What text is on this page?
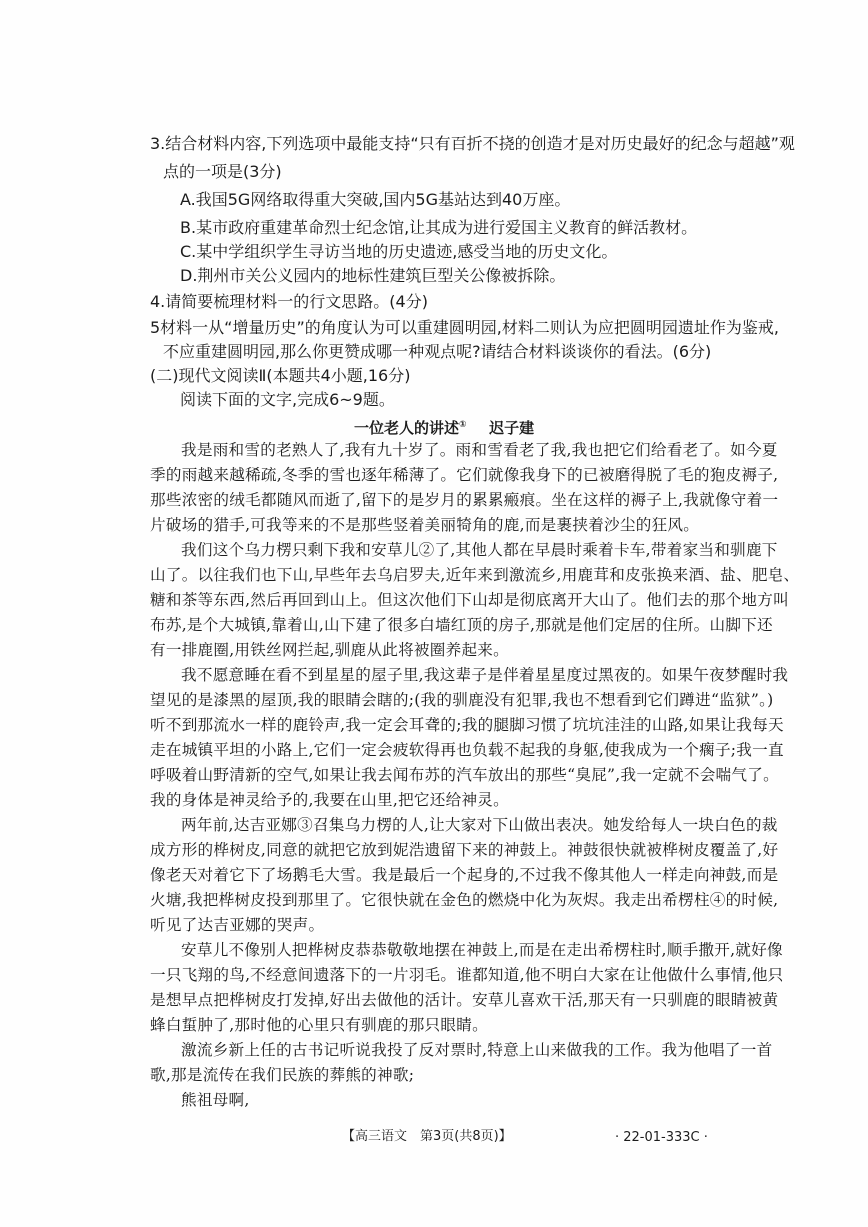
3.结合材料内容,下列选项中最能支持“只有百折不挠的创造才是对历史最好的纪念与超越”观
点的一项是(3分)
A.我国5G网络取得重大突破,国内5G基站达到40万座。
B.某市政府重建革命烈士纪念馆,让其成为进行爱国主义教育的鲜活教材。
C.某中学组织学生寻访当地的历史遗迹,感受当地的历史文化。
D.荆州市关公义园内的地标性建筑巨型关公像被拆除。
4.请简要梳理材料一的行文思路。(4分)
5材料一从“增量历史”的角度认为可以重建圆明园,材料二则认为应把圆明园遗址作为鉴戒,
不应重建圆明园,那么你更赞成哪一种观点呢?请结合材料谈谈你的看法。(6分)
(二)现代文阅读Ⅱ(本题共4小题,16分)
阅读下面的文字,完成6~9题。
一位老人的讲述① 迟子建
我是雨和雪的老熟人了,我有九十岁了。雨和雪看老了我,我也把它们给看老了。如今夏
季的雨越来越稀疏,冬季的雪也逐年稀薄了。它们就像我身下的已被磨得脱了毛的狍皮褥子,
那些浓密的绒毛都随风而逝了,留下的是岁月的累累瘢痕。坐在这样的褥子上,我就像守着一
片破场的猎手,可我等来的不是那些竖着美丽犄角的鹿,而是裹挟着沙尘的狂风。
我们这个乌力楞只剩下我和安草儿②了,其他人都在早晨时乘着卡车,带着家当和驯鹿下
山了。以往我们也下山,早些年去乌启罗夫,近年来到激流乡,用鹿茸和皮张换来酒、盐、肥皂、
糖和茶等东西,然后再回到山上。但这次他们下山却是彻底离开大山了。他们去的那个地方叫
布苏,是个大城镇,靠着山,山下建了很多白墙红顶的房子,那就是他们定居的住所。山脚下还
有一排鹿圈,用铁丝网拦起,驯鹿从此将被圈养起来。
我不愿意睡在看不到星星的屋子里,我这辈子是伴着星星度过黑夜的。如果午夜梦醒时我
望见的是漆黑的屋顶,我的眼睛会瞎的;(我的驯鹿没有犯罪,我也不想看到它们蹲进“监狱”。)
听不到那流水一样的鹿铃声,我一定会耳聋的;我的腿脚习惯了坑坑洼洼的山路,如果让我每天
走在城镇平坦的小路上,它们一定会疲软得再也负载不起我的身躯,使我成为一个瘸子;我一直
呼吸着山野清新的空气,如果让我去闻布苏的汽车放出的那些“臭屁”,我一定就不会喘气了。
我的身体是神灵给予的,我要在山里,把它还给神灵。
两年前,达吉亚娜③召集乌力楞的人,让大家对下山做出表决。她发给每人一块白色的裁
成方形的桦树皮,同意的就把它放到妮浩遗留下来的神鼓上。神鼓很快就被桦树皮覆盖了,好
像老天对着它下了场鹅毛大雪。我是最后一个起身的,不过我不像其他人一样走向神鼓,而是
火塘,我把桦树皮投到那里了。它很快就在金色的燃烧中化为灰烬。我走出希楞柱④的时候,
听见了达吉亚娜的哭声。
安草儿不像别人把桦树皮恭恭敬敬地摆在神鼓上,而是在走出希楞柱时,顺手撒开,就好像
一只飞翔的鸟,不经意间遗落下的一片羽毛。谁都知道,他不明白大家在让他做什么事情,他只
是想早点把桦树皮打发掉,好出去做他的活计。安草儿喜欢干活,那天有一只驯鹿的眼睛被黄
蜂白蜇肿了,那时他的心里只有驯鹿的那只眼睛。
激流乡新上任的古书记听说我投了反对票时,特意上山来做我的工作。我为他唱了一首
歌,那是流传在我们民族的葬熊的神歌;
熊祖母啊,
【高三语文　第3页(共8页)】	· 22-01-333C ·
